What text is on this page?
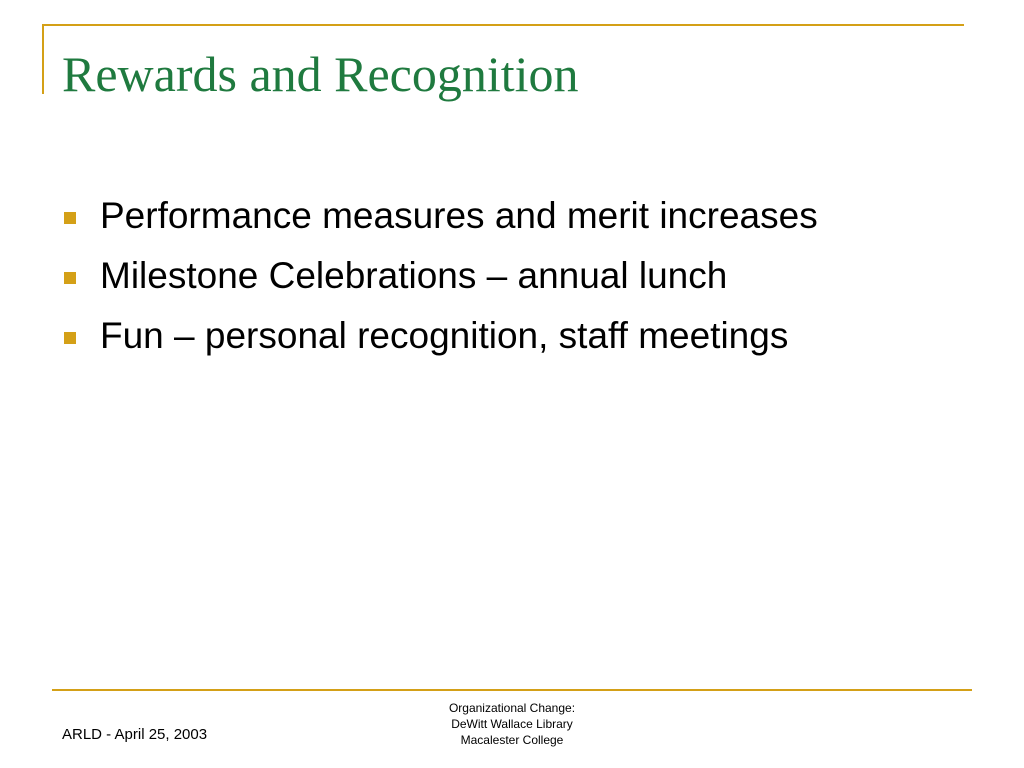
Rewards and Recognition
Performance measures and merit increases
Milestone Celebrations – annual lunch
Fun – personal recognition, staff meetings
ARLD - April 25, 2003
Organizational Change:
DeWitt Wallace Library
Macalester College
